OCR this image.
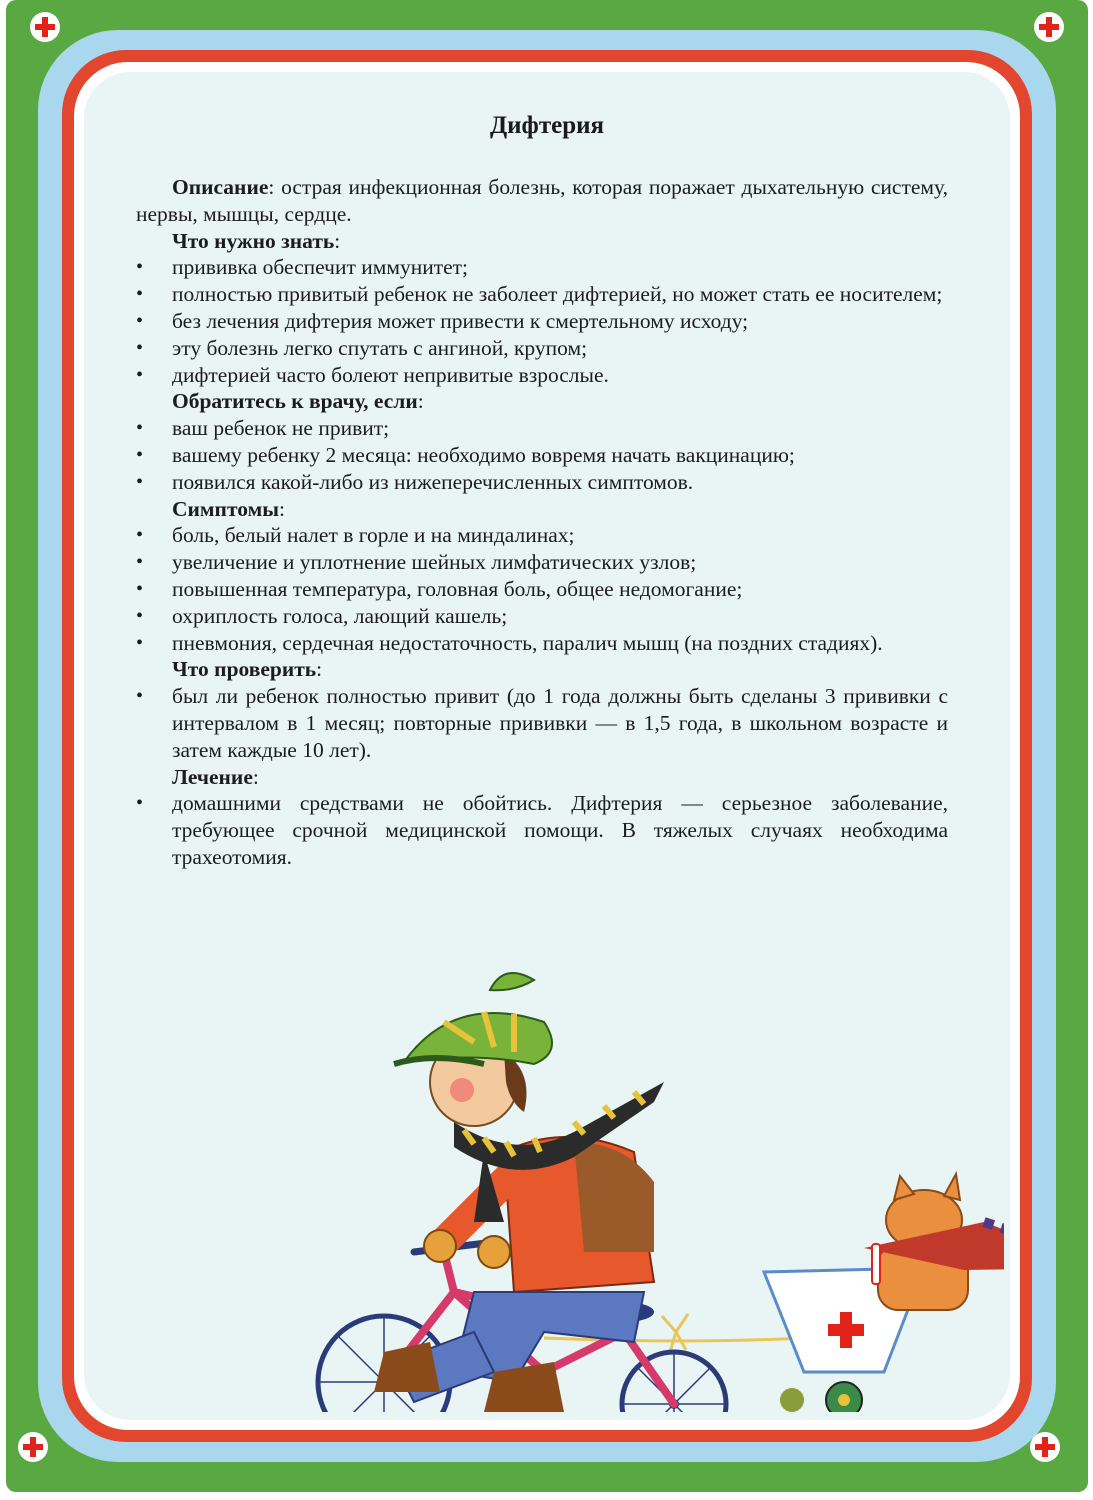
Дифтерия

Описание: острая инфекционная болезнь, которая поражает дыхательную систему, нервы, мышцы, сердце.

Что нужно знать:

• прививка обеспечит иммунитет;
• полностью привитый ребенок не заболеет дифтерией, но может стать ее носителем;
• без лечения дифтерия может привести к смертельному исходу;
• эту болезнь легко спутать с ангиной, крупом;
• дифтерией часто болеют непривитые взрослые.

Обратитесь к врачу, если:

• ваш ребенок не привит;
• вашему ребенку 2 месяца: необходимо вовремя начать вакцинацию;
• появился какой-либо из нижеперечисленных симптомов.

Симптомы:

• боль, белый налет в горле и на миндалинах;
• увеличение и уплотнение шейных лимфатических узлов;
• повышенная температура, головная боль, общее недомогание;
• охриплость голоса, лающий кашель;
• пневмония, сердечная недостаточность, паралич мышц (на поздних стадиях).

Что проверить:

• был ли ребенок полностью привит (до 1 года должны быть сделаны 3 прививки с интервалом в 1 месяц; повторные прививки — в 1,5 года, в школьном возрасте и затем каждые 10 лет).

Лечение:

• домашними средствами не обойтись. Дифтерия — серьезное заболевание, требующее срочной медицинской помощи. В тяжелых случаях необходима трахеотомия.
